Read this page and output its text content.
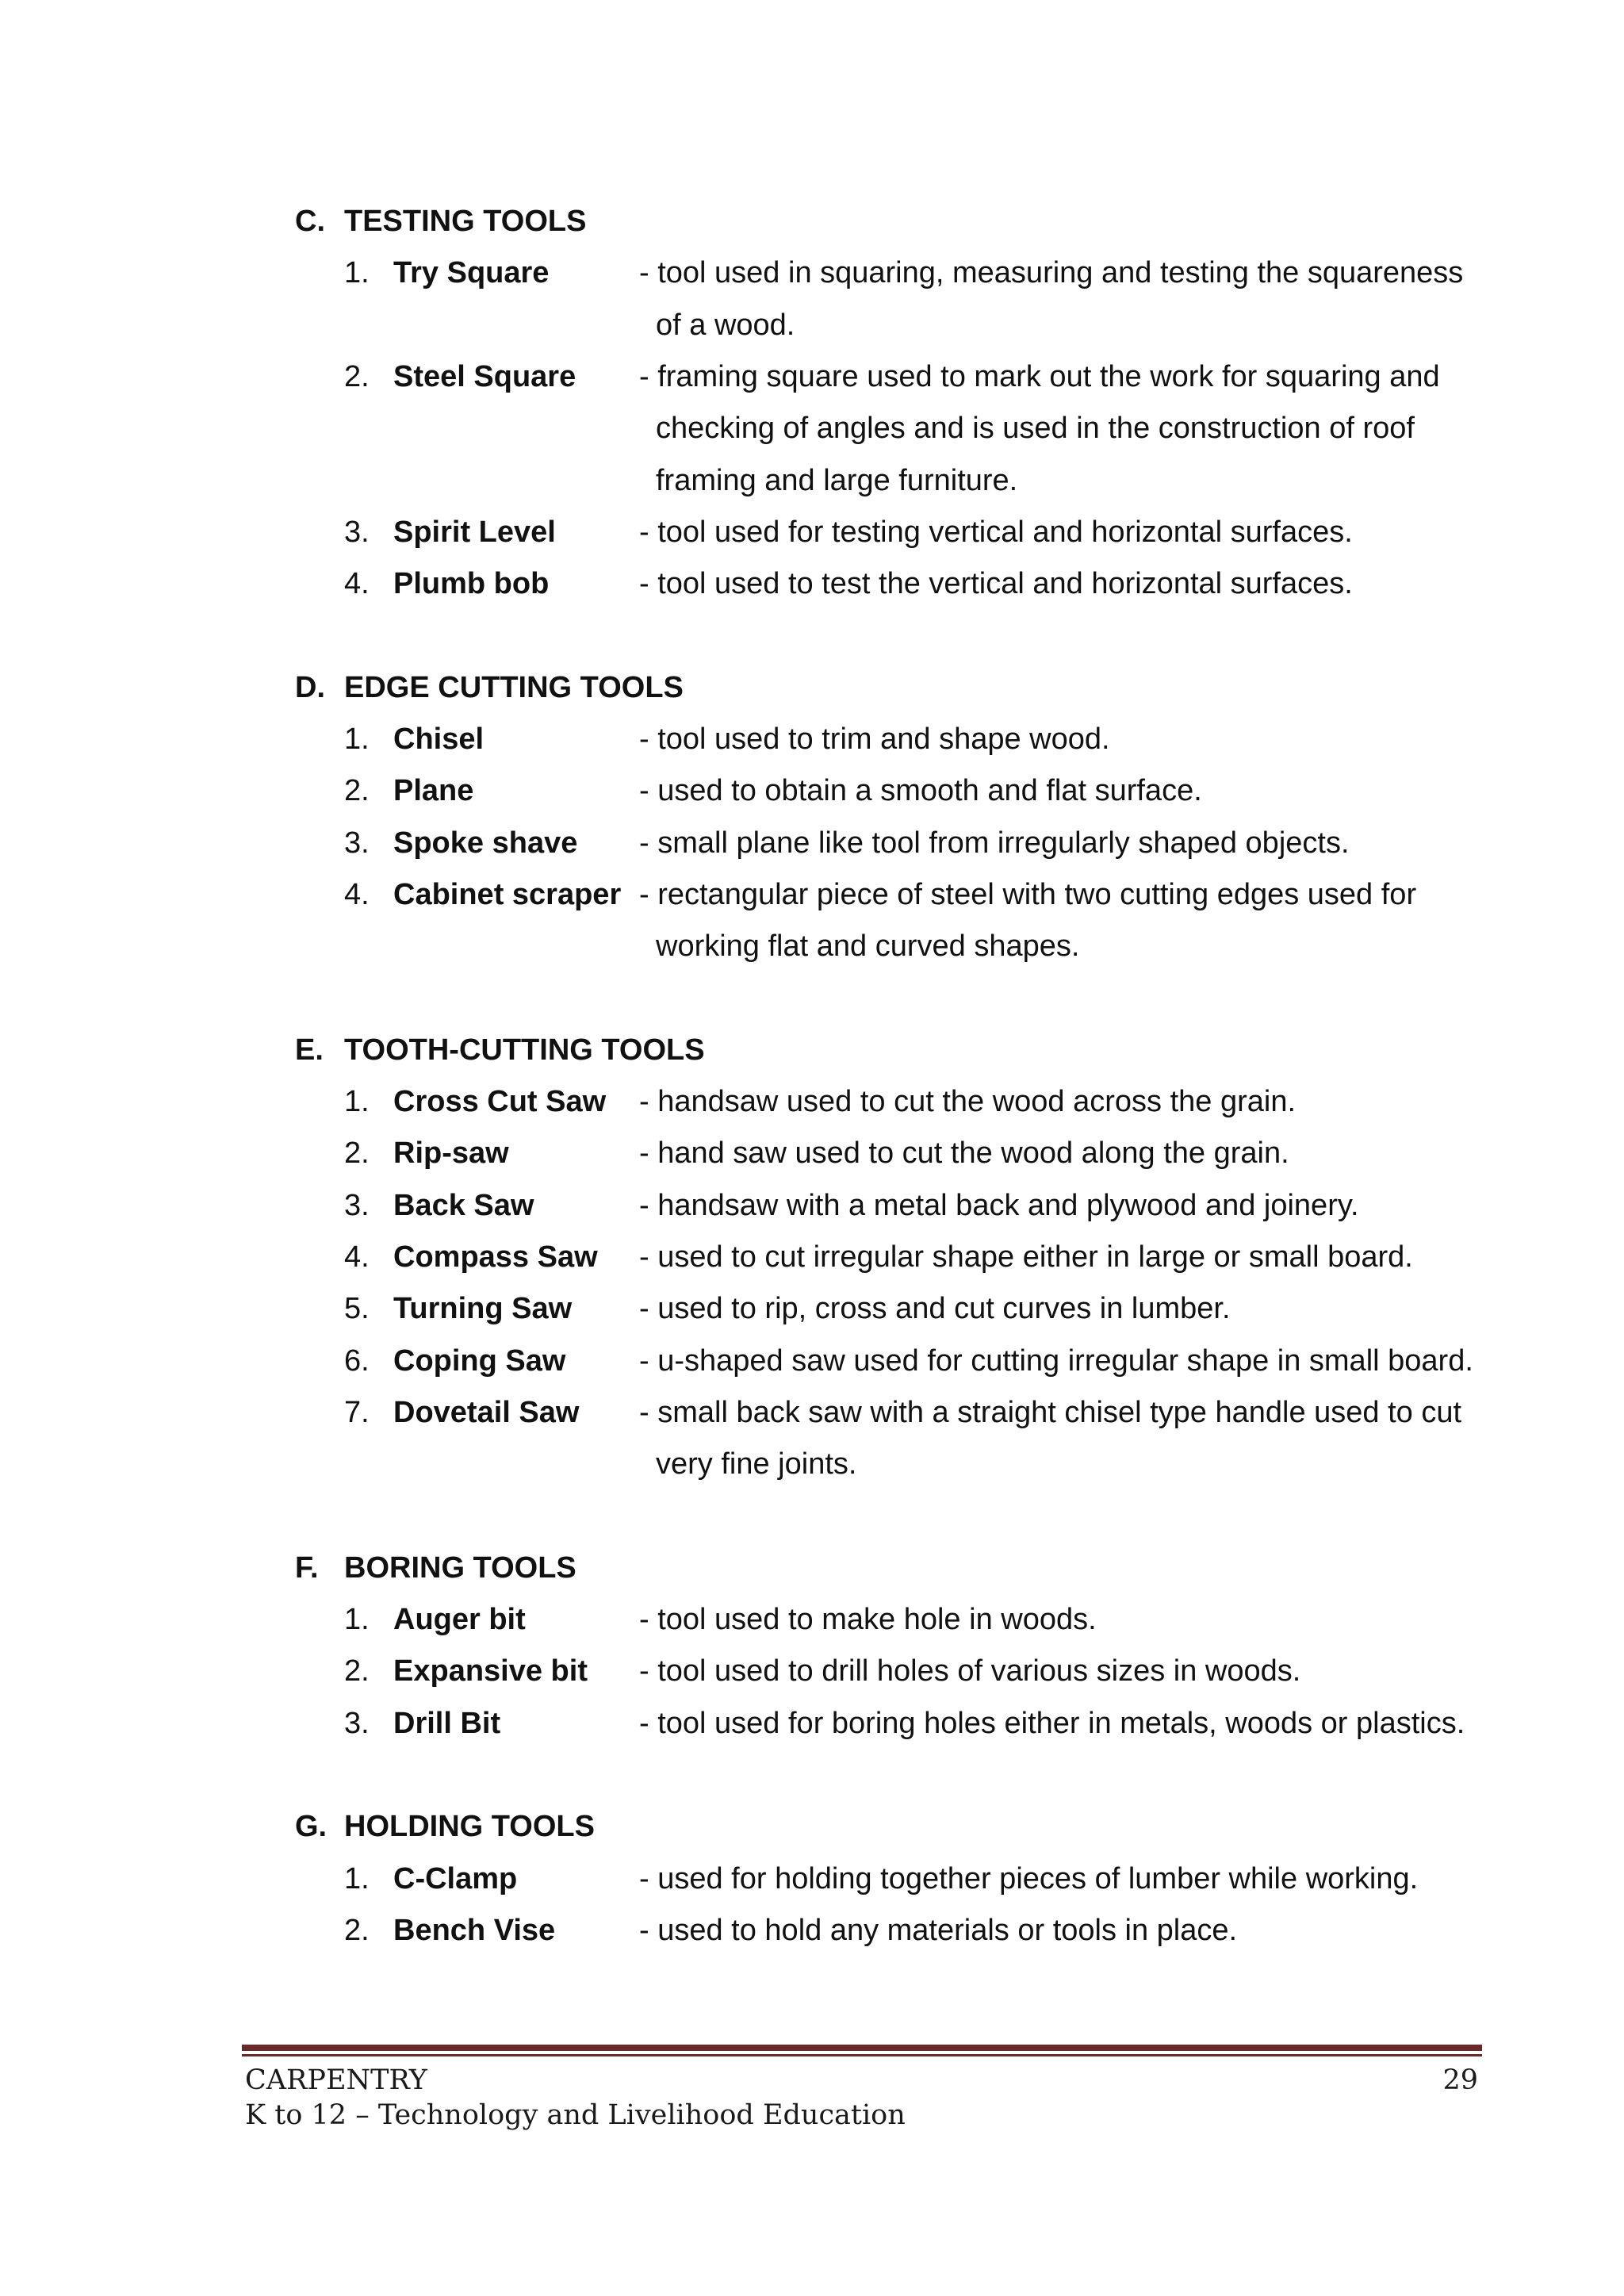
C. TESTING TOOLS
1. Try Square	- tool used in squaring, measuring and testing the squareness
of a wood.
2. Steel Square - framing square used to mark out the work for squaring and
checking of angles and is used in the construction of roof
framing and large furniture.
3. Spirit Level	- tool used for testing vertical and horizontal surfaces.
4. Plumb bob	- tool used to test the vertical and horizontal surfaces.
D. EDGE CUTTING TOOLS
1. Chisel	- tool used to trim and shape wood.
2. Plane	- used to obtain a smooth and flat surface.
3. Spoke shave - small plane like tool from irregularly shaped objects.
4. Cabinet scraper - rectangular piece of steel with two cutting edges used for
working flat and curved shapes.
E. TOOTH-CUTTING TOOLS
1. Cross Cut Saw - handsaw used to cut the wood across the grain.
2. Rip-saw	- hand saw used to cut the wood along the grain.
3. Back Saw	- handsaw with a metal back and plywood and joinery.
4. Compass Saw - used to cut irregular shape either in large or small board.
5. Turning Saw - used to rip, cross and cut curves in lumber.
6. Coping Saw - u-shaped saw used for cutting irregular shape in small board.
7. Dovetail Saw - small back saw with a straight chisel type handle used to cut
very fine joints.
F. BORING TOOLS
1. Auger bit	- tool used to make hole in woods.
2. Expansive bit - tool used to drill holes of various sizes in woods.
3. Drill Bit	- tool used for boring holes either in metals, woods or plastics.
G. HOLDING TOOLS
1. C-Clamp	- used for holding together pieces of lumber while working.
2. Bench Vise	- used to hold any materials or tools in place.
CARPENTRY
K to 12 – Technology and Livelihood Education
29
